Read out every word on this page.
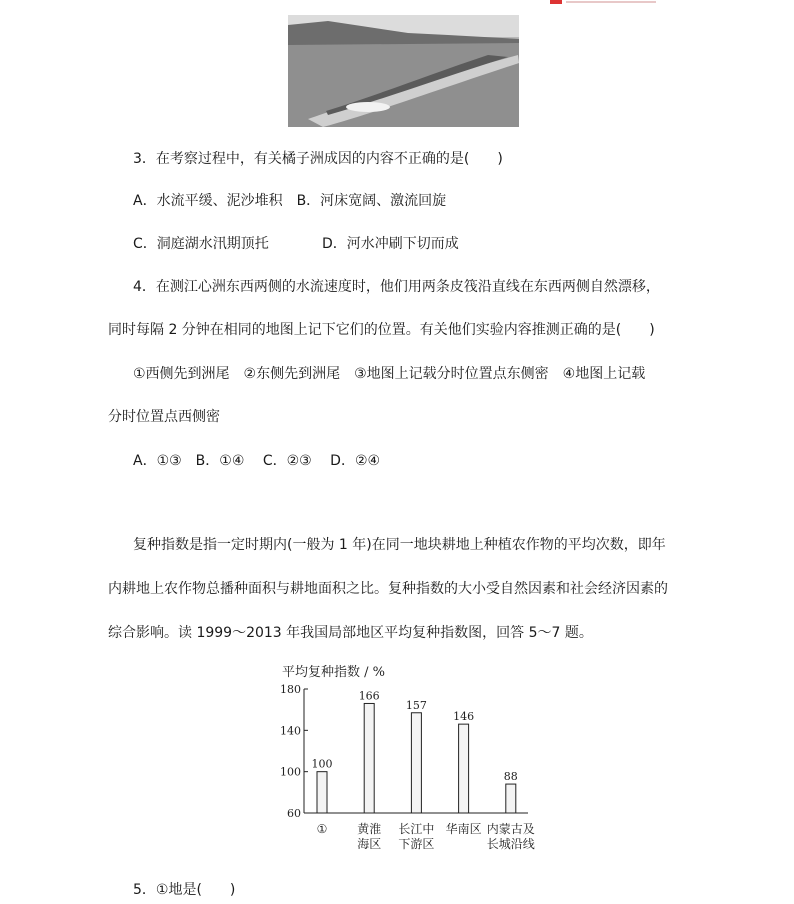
3．在考察过程中，有关橘子洲成因的内容不正确的是(　　)
A．水流平缓、泥沙堆积　B．河床宽阔、激流回旋
C．洞庭湖水汛期顶托	D．河水冲刷下切而成
4．在测江心洲东西两侧的水流速度时，他们用两条皮筏沿直线在东西两侧自然漂移，
同时每隔 2 分钟在相同的地图上记下它们的位置。有关他们实验内容推测正确的是(　　)
①西侧先到洲尾　②东侧先到洲尾　③地图上记载分时位置点东侧密　④地图上记载
分时位置点西侧密
A．①③　B．①④　 C．②③　 D．②④
复种指数是指一定时期内(一般为 1 年)在同一地块耕地上种植农作物的平均次数，即年
内耕地上农作物总播种面积与耕地面积之比。复种指数的大小受自然因素和社会经济因素的
综合影响。读 1999～2013 年我国局部地区平均复种指数图，回答 5～7 题。
平均复种指数 / %
60
100
140
180
100
166
157
146
88
① 黄淮
海区
长江中
下游区
华南区 内蒙古及
长城沿线
5．①地是(　　)
